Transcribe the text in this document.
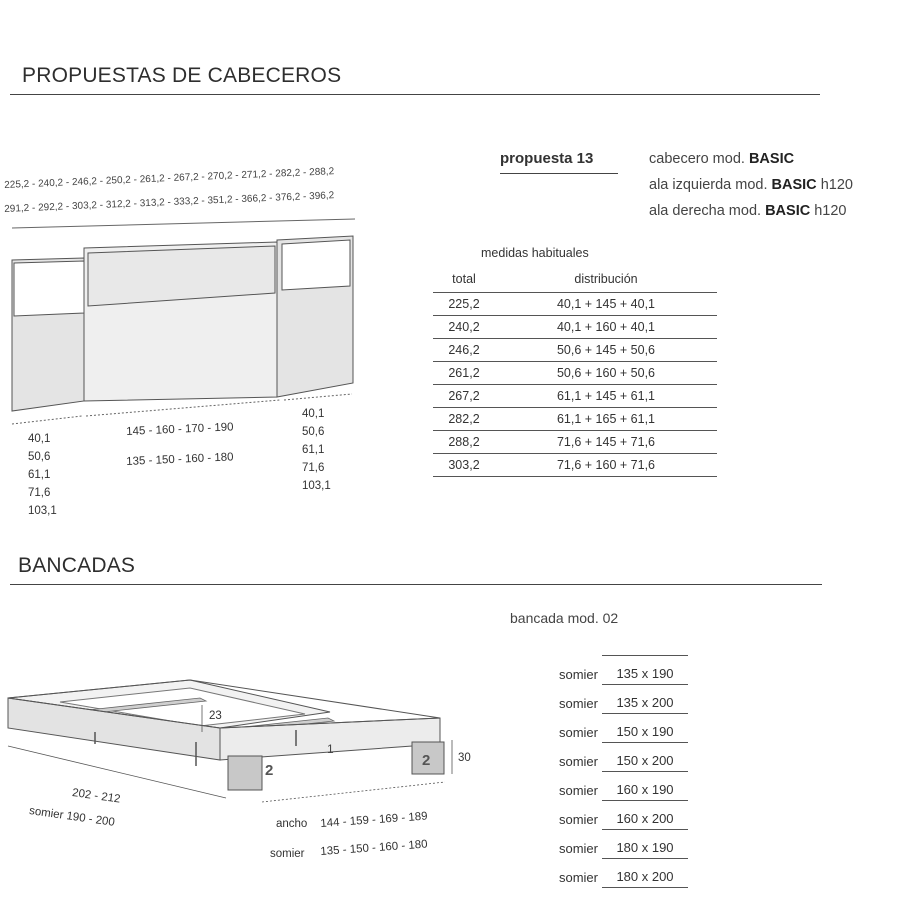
PROPUESTAS DE CABECEROS
225,2 - 240,2 - 246,2 - 250,2 - 261,2 - 267,2 - 270,2 - 271,2 - 282,2 - 288,2
291,2 - 292,2 - 303,2 - 312,2 - 313,2 - 333,2 - 351,2 - 366,2 - 376,2 - 396,2
40,1
50,6
61,1
71,6
103,1
145 - 160 - 170 - 190
135 - 150 - 160 - 180
40,1
50,6
61,1
71,6
103,1
propuesta 13	cabecero mod. BASIC
ala izquierda mod. BASIC h120
ala derecha mod. BASIC h120
medidas habituales
total	distribución
225,2	40,1 + 145 + 40,1
240,2	40,1 + 160 + 40,1
246,2	50,6 + 145 + 50,6
261,2	50,6 + 160 + 50,6
267,2	61,1 + 145 + 61,1
282,2	61,1 + 165 + 61,1
288,2	71,6 + 145 + 71,6
303,2	71,6 + 160 + 71,6
BANCADAS
bancada mod. 02
somier	135 x 190
somier	135 x 200
somier	150 x 190
somier	150 x 200
somier	160 x 190
somier	160 x 200
somier	180 x 190
somier	180 x 200
2
2
1
23
30
202 - 212
somier 190 - 200	ancho 144 - 159 - 169 - 189
somier 135 - 150 - 160 - 180
